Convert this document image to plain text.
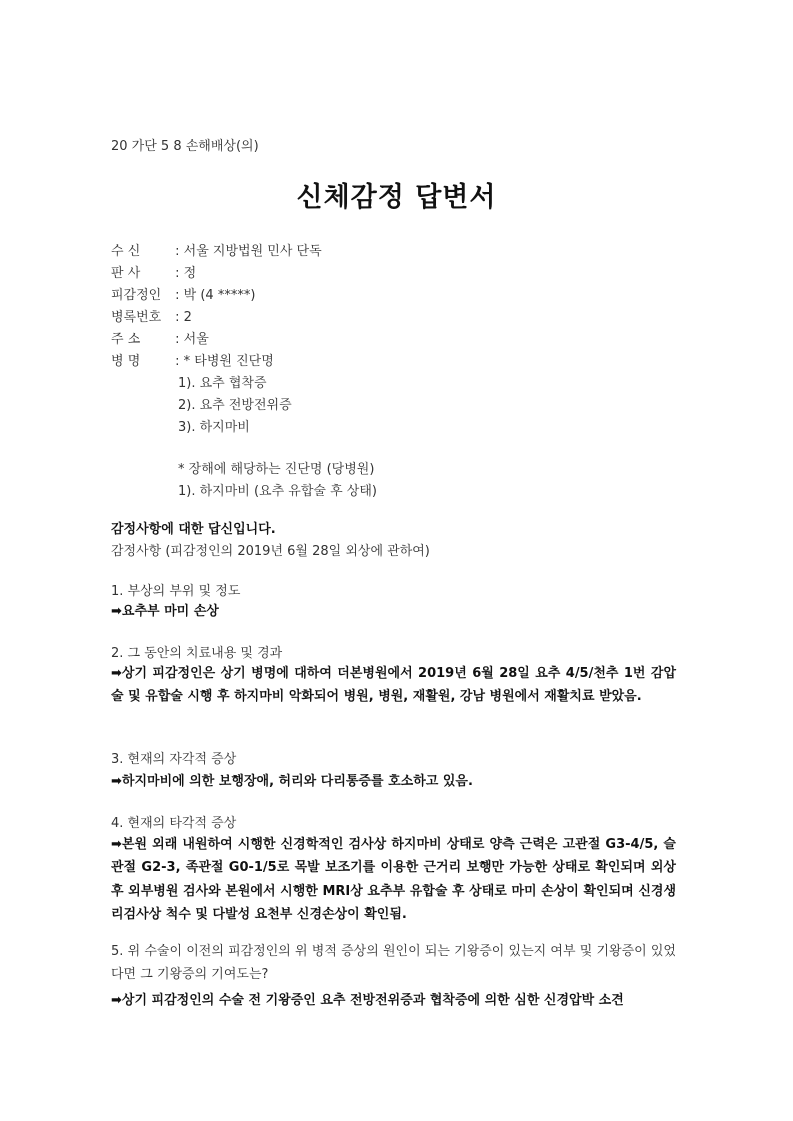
20 가단 5 8 손해배상(의)
신체감정 답변서
수 신 : 서울 지방법원 민사 단독
판 사 : 정
피감정인 : 박 (4 *****)
병록번호 : 2
주 소 : 서울
병 명 : * 타병원 진단명
1). 요추 협착증
2). 요추 전방전위증
3). 하지마비
* 장해에 해당하는 진단명 (당병원)
1). 하지마비 (요추 유합술 후 상태)
감정사항에 대한 답신입니다.
감정사항 (피감정인의 2019년 6월 28일 외상에 관하여)
1. 부상의 부위 및 정도
➡요추부 마미 손상
2. 그 동안의 치료내용 및 경과
➡상기 피감정인은 상기 병명에 대하여 더본병원에서 2019년 6월 28일 요추 4/5/천추 1번 감압술 및 유합술 시행 후 하지마비 악화되어 병원, 병원, 재활원, 강남 병원에서 재활치료 받았음.
3. 현재의 자각적 증상
➡하지마비에 의한 보행장애, 허리와 다리통증를 호소하고 있음.
4. 현재의 타각적 증상
➡본원 외래 내원하여 시행한 신경학적인 검사상 하지마비 상태로 양측 근력은 고관절 G3-4/5, 슬관절 G2-3, 족관절 G0-1/5로 목발 보조기를 이용한 근거리 보행만 가능한 상태로 확인되며 외상 후 외부병원 검사와 본원에서 시행한 MRI상 요추부 유합술 후 상태로 마미 손상이 확인되며 신경생리검사상 척수 및 다발성 요천부 신경손상이 확인됨.
5. 위 수술이 이전의 피감정인의 위 병적 증상의 원인이 되는 기왕증이 있는지 여부 및 기왕증이 있었다면 그 기왕증의 기여도는?
➡상기 피감정인의 수술 전 기왕증인 요추 전방전위증과 협착증에 의한 심한 신경압박 소견
